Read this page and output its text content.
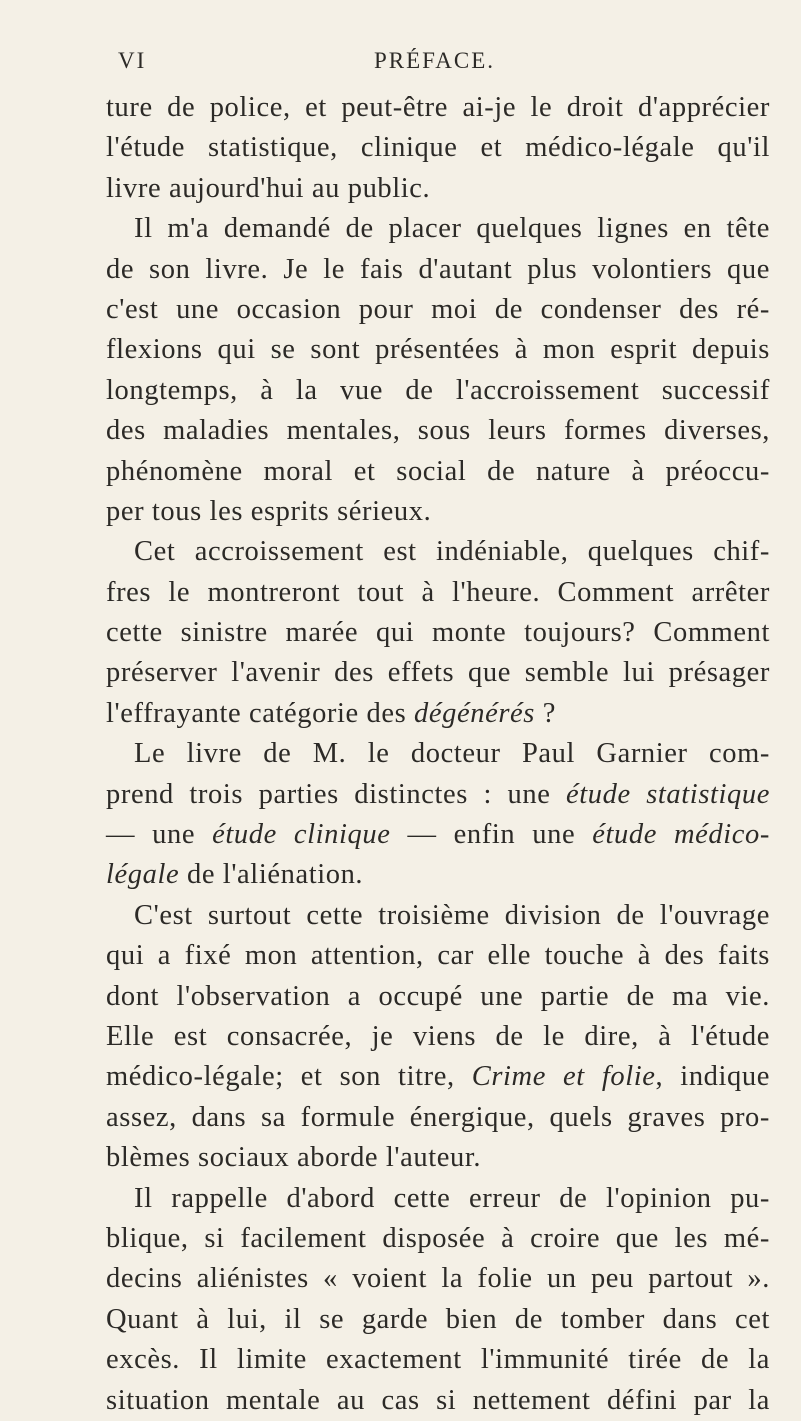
VI	PRÉFACE.
ture de police, et peut-être ai-je le droit d'apprécier
l'étude statistique, clinique et médico-légale qu'il
livre aujourd'hui au public.
Il m'a demandé de placer quelques lignes en tête
de son livre. Je le fais d'autant plus volontiers que
c'est une occasion pour moi de condenser des ré-
flexions qui se sont présentées à mon esprit depuis
longtemps, à la vue de l'accroissement successif
des maladies mentales, sous leurs formes diverses,
phénomène moral et social de nature à préoccu-
per tous les esprits sérieux.
Cet accroissement est indéniable, quelques chif-
fres le montreront tout à l'heure. Comment arrêter
cette sinistre marée qui monte toujours? Comment
préserver l'avenir des effets que semble lui présager
l'effrayante catégorie des dégénérés ?
Le livre de M. le docteur Paul Garnier com-
prend trois parties distinctes : une étude statistique
— une étude clinique — enfin une étude médico-
légale de l'aliénation.
C'est surtout cette troisième division de l'ouvrage
qui a fixé mon attention, car elle touche à des faits
dont l'observation a occupé une partie de ma vie.
Elle est consacrée, je viens de le dire, à l'étude
médico-légale; et son titre, Crime et folie, indique
assez, dans sa formule énergique, quels graves pro-
blèmes sociaux aborde l'auteur.
Il rappelle d'abord cette erreur de l'opinion pu-
blique, si facilement disposée à croire que les mé-
decins aliénistes « voient la folie un peu partout ».
Quant à lui, il se garde bien de tomber dans cet
excès. Il limite exactement l'immunité tirée de la
situation mentale au cas si nettement défini par la
